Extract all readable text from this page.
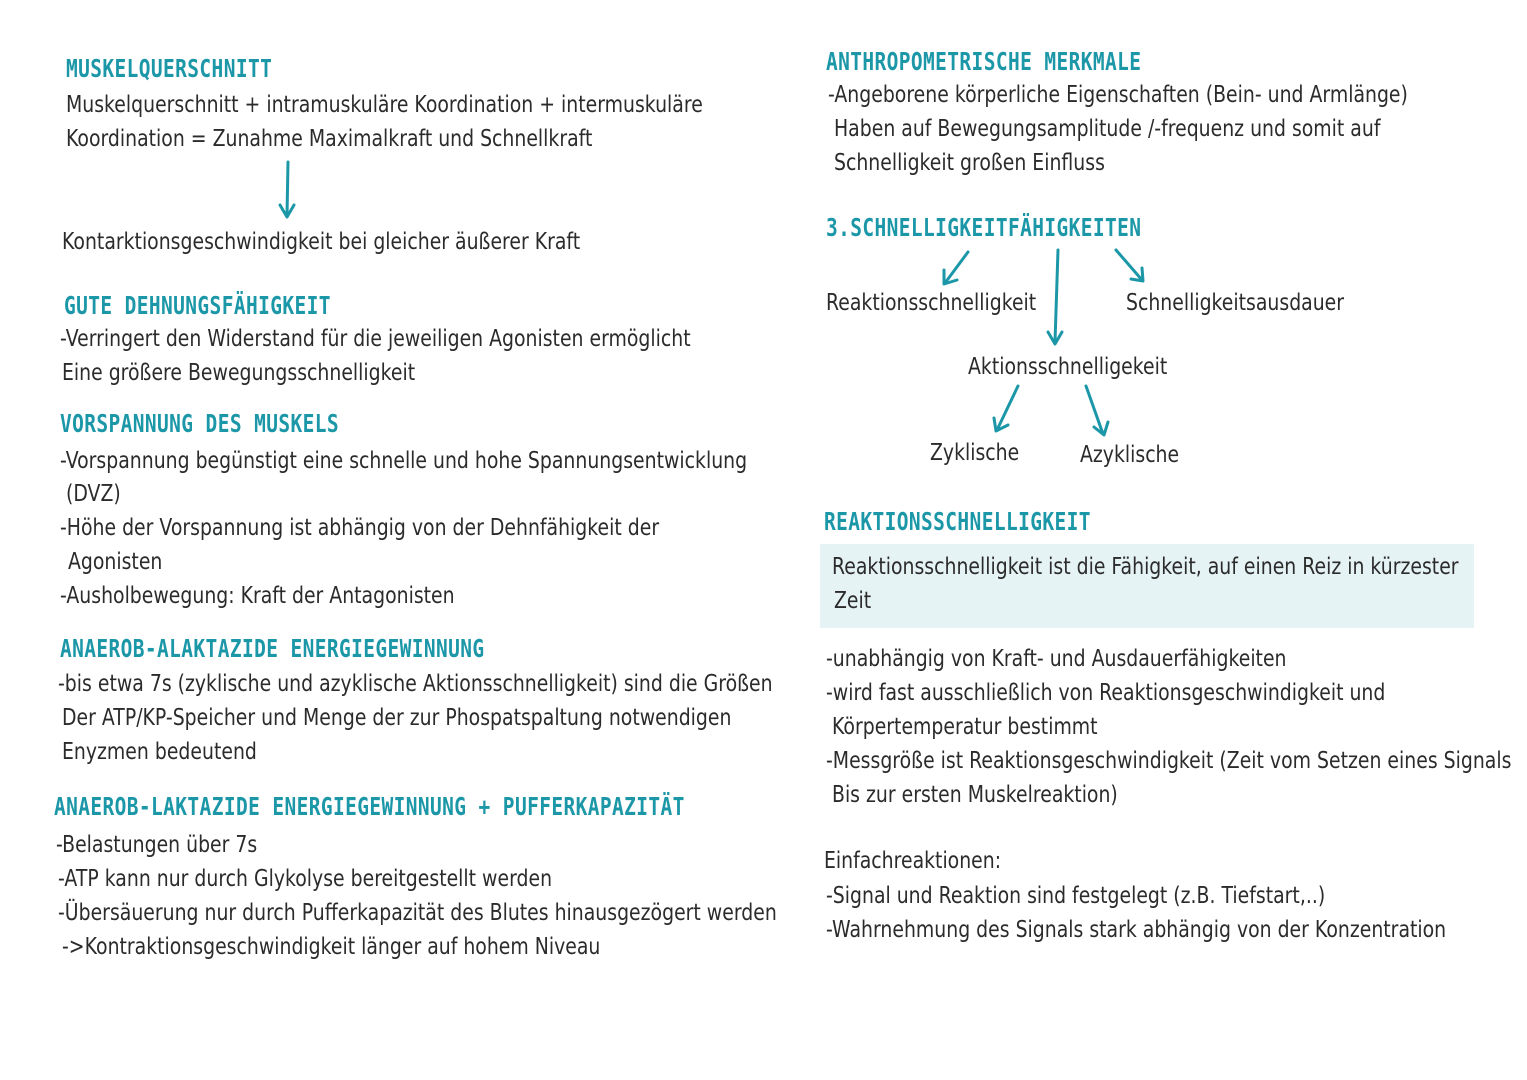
MUSKELQUERSCHNITT

Muskelquerschnitt + intramuskuläre Koordination + intermuskuläre

Koordination = Zunahme Maximalkraft und Schnellkraft

Kontarktionsgeschwindigkeit bei gleicher äußerer Kraft

GUTE DEHNUNGSFÄHIGKEIT

-Verringert den Widerstand für die jeweiligen Agonisten ermöglicht

Eine größere Bewegungsschnelligkeit

VORSPANNUNG DES MUSKELS

-Vorspannung begünstigt eine schnelle und hohe Spannungsentwicklung

(DVZ)

-Höhe der Vorspannung ist abhängig von der Dehnfähigkeit der

Agonisten

-Ausholbewegung: Kraft der Antagonisten

ANAEROB-ALAKTAZIDE ENERGIEGEWINNUNG

-bis etwa 7s (zyklische und azyklische Aktionsschnelligkeit) sind die Größen

Der ATP/KP-Speicher und Menge der zur Phospatspaltung notwendigen

Enyzmen bedeutend

ANAEROB-LAKTAZIDE ENERGIEGEWINNUNG + PUFFERKAPAZITÄT

-Belastungen über 7s

-ATP kann nur durch Glykolyse bereitgestellt werden

-Übersäuerung nur durch Pufferkapazität des Blutes hinausgezögert werden

->Kontraktionsgeschwindigkeit länger auf hohem Niveau

ANTHROPOMETRISCHE MERKMALE

-Angeborene körperliche Eigenschaften (Bein- und Armlänge)

Haben auf Bewegungsamplitude /-frequenz und somit auf

Schnelligkeit großen Einfluss

3.SCHNELLIGKEITFÄHIGKEITEN

Reaktionsschnelligkeit	Schnelligkeitsausdauer

Aktionsschnelligekeit

Zyklische	Azyklische

REAKTIONSSCHNELLIGKEIT

Reaktionsschnelligkeit ist die Fähigkeit, auf einen Reiz in kürzester

Zeit

-unabhängig von Kraft- und Ausdauerfähigkeiten

-wird fast ausschließlich von Reaktionsgeschwindigkeit und

Körpertemperatur bestimmt

-Messgröße ist Reaktionsgeschwindigkeit (Zeit vom Setzen eines Signals

Bis zur ersten Muskelreaktion)

Einfachreaktionen:

-Signal und Reaktion sind festgelegt (z.B. Tiefstart,..)

-Wahrnehmung des Signals stark abhängig von der Konzentration
